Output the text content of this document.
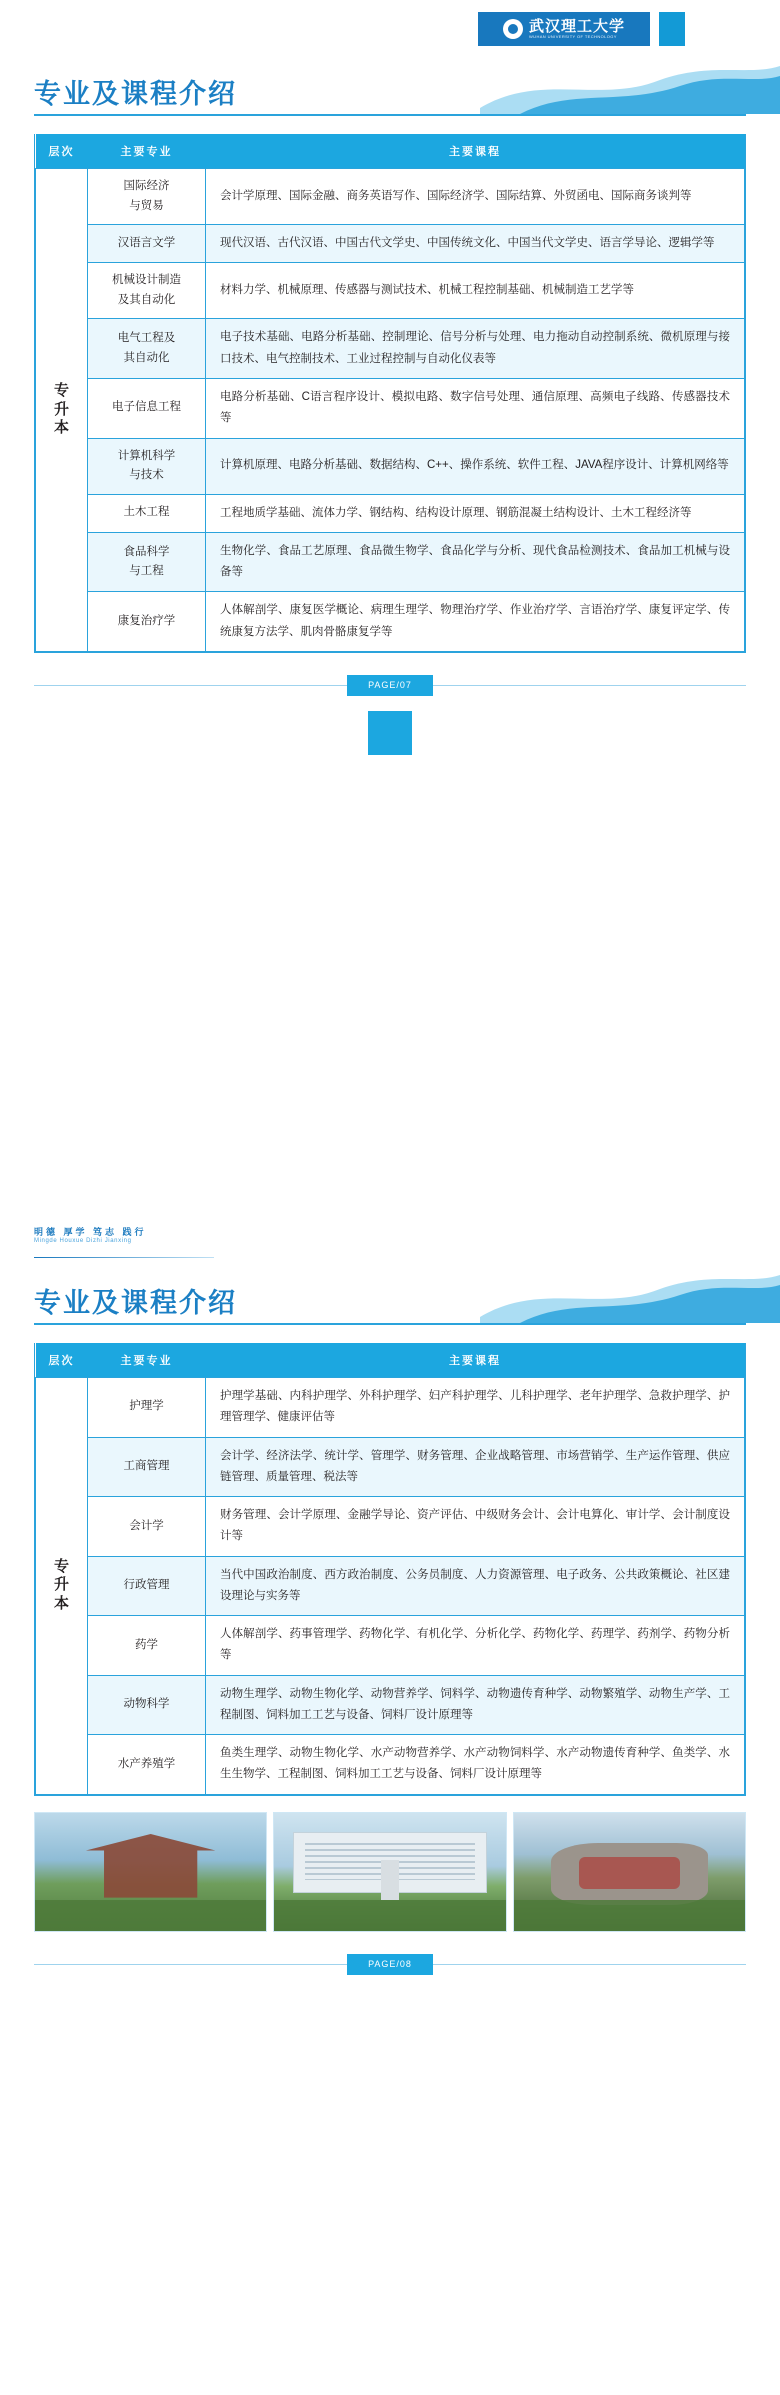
武汉理工大学
WUHAN UNIVERSITY OF TECHNOLOGY
专业及课程介绍
层次	主要专业	主要课程
专
升
本	国际经济
与贸易	会计学原理、国际金融、商务英语写作、国际经济学、国际结算、外贸函电、国际商务谈判等
	汉语言文学	现代汉语、古代汉语、中国古代文学史、中国传统文化、中国当代文学史、语言学导论、逻辑学等
	机械设计制造
及其自动化	材料力学、机械原理、传感器与测试技术、机械工程控制基础、机械制造工艺学等
	电气工程及
其自动化	电子技术基础、电路分析基础、控制理论、信号分析与处理、电力拖动自动控制系统、微机原理与接口技术、电气控制技术、工业过程控制与自动化仪表等
	电子信息工程	电路分析基础、C语言程序设计、模拟电路、数字信号处理、通信原理、高频电子线路、传感器技术等
	计算机科学
与技术	计算机原理、电路分析基础、数据结构、C++、操作系统、软件工程、JAVA程序设计、计算机网络等
	土木工程	工程地质学基础、流体力学、钢结构、结构设计原理、钢筋混凝土结构设计、土木工程经济等
	食品科学
与工程	生物化学、食品工艺原理、食品微生物学、食品化学与分析、现代食品检测技术、食品加工机械与设备等
	康复治疗学	人体解剖学、康复医学概论、病理生理学、物理治疗学、作业治疗学、言语治疗学、康复评定学、传统康复方法学、肌肉骨骼康复学等
PAGE/07
明德 厚学 笃志 践行
Mingde Houxue Dizhi Jianxing
专业及课程介绍
层次	主要专业	主要课程
专
升
本	护理学	护理学基础、内科护理学、外科护理学、妇产科护理学、儿科护理学、老年护理学、急救护理学、护理管理学、健康评估等
	工商管理	会计学、经济法学、统计学、管理学、财务管理、企业战略管理、市场营销学、生产运作管理、供应链管理、质量管理、税法等
	会计学	财务管理、会计学原理、金融学导论、资产评估、中级财务会计、会计电算化、审计学、会计制度设计等
	行政管理	当代中国政治制度、西方政治制度、公务员制度、人力资源管理、电子政务、公共政策概论、社区建设理论与实务等
	药学	人体解剖学、药事管理学、药物化学、有机化学、分析化学、药物化学、药理学、药剂学、药物分析等
	动物科学	动物生理学、动物生物化学、动物营养学、饲料学、动物遗传育种学、动物繁殖学、动物生产学、工程制图、饲料加工工艺与设备、饲料厂设计原理等
	水产养殖学	鱼类生理学、动物生物化学、水产动物营养学、水产动物饲料学、水产动物遗传育种学、鱼类学、水生生物学、工程制图、饲料加工工艺与设备、饲料厂设计原理等
PAGE/08
